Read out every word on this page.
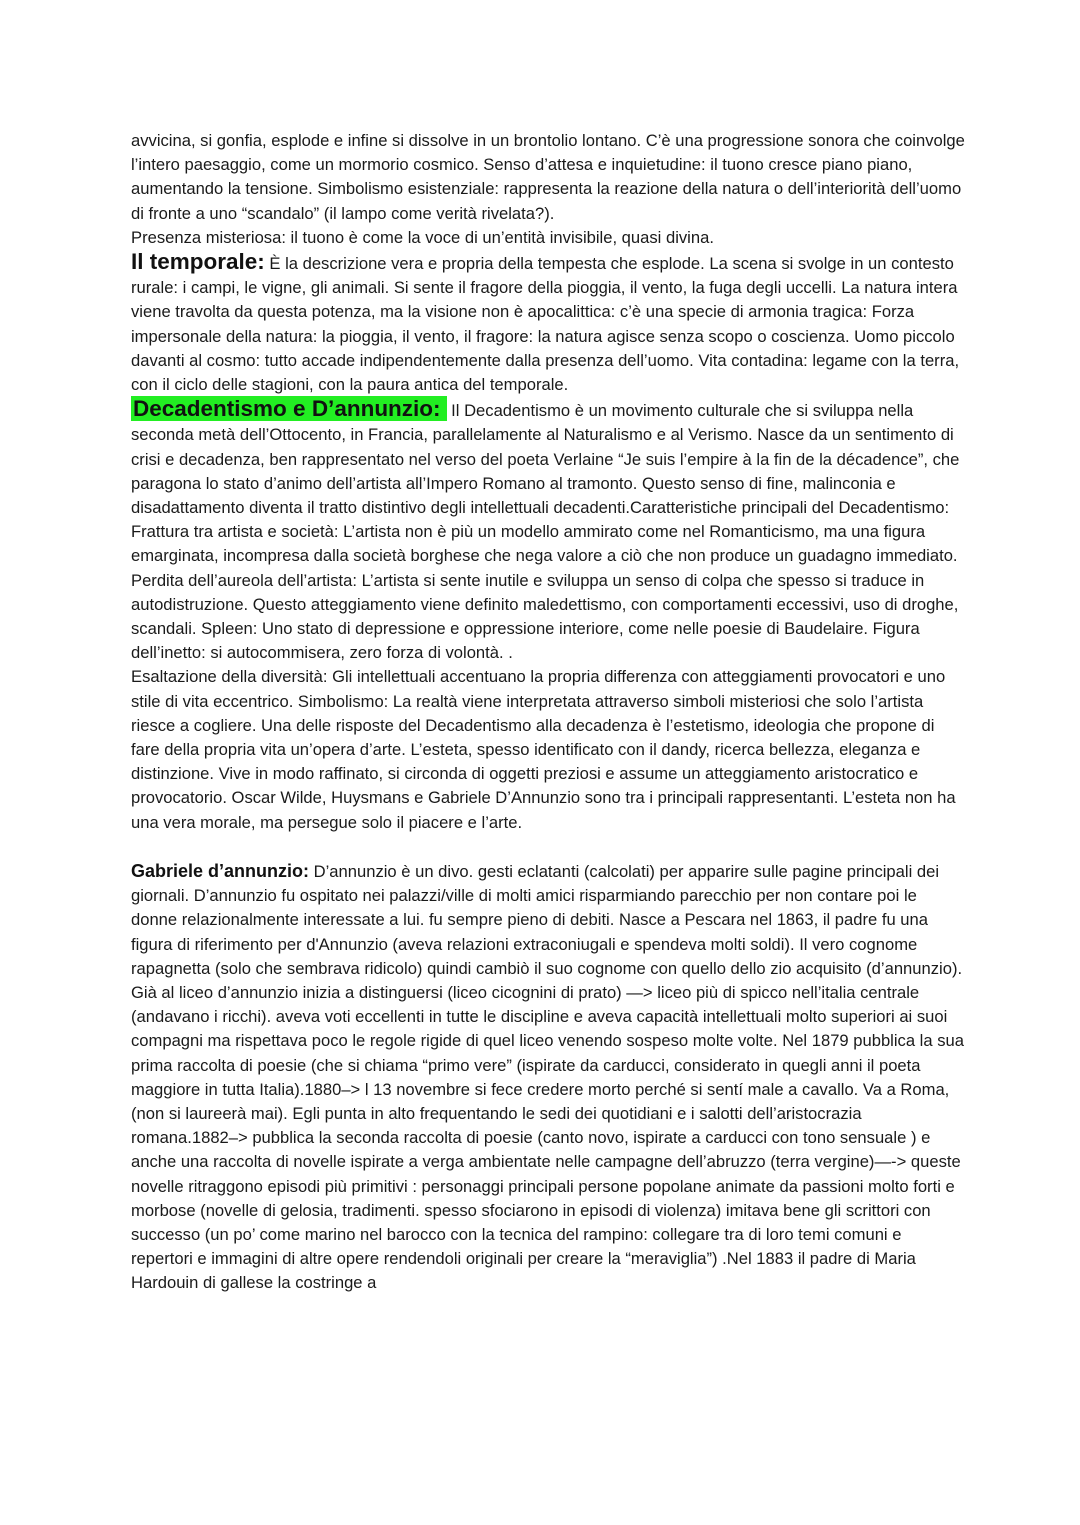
avvicina, si gonfia, esplode e infine si dissolve in un brontolio lontano. C’è una progressione sonora che coinvolge l’intero paesaggio, come un mormorio cosmico. Senso d’attesa e inquietudine: il tuono cresce piano piano, aumentando la tensione. Simbolismo esistenziale: rappresenta la reazione della natura o dell’interiorità dell’uomo di fronte a uno “scandalo” (il lampo come verità rivelata?).
Presenza misteriosa: il tuono è come la voce di un’entità invisibile, quasi divina.

Il temporale: È la descrizione vera e propria della tempesta che esplode. La scena si svolge in un contesto rurale: i campi, le vigne, gli animali. Si sente il fragore della pioggia, il vento, la fuga degli uccelli. La natura intera viene travolta da questa potenza, ma la visione non è apocalittica: c’è una specie di armonia tragica: Forza impersonale della natura: la pioggia, il vento, il fragore: la natura agisce senza scopo o coscienza. Uomo piccolo davanti al cosmo: tutto accade indipendentemente dalla presenza dell’uomo. Vita contadina: legame con la terra, con il ciclo delle stagioni, con la paura antica del temporale.

Decadentismo e D’annunzio: Il Decadentismo è un movimento culturale che si sviluppa nella seconda metà dell’Ottocento, in Francia, parallelamente al Naturalismo e al Verismo. Nasce da un sentimento di crisi e decadenza, ben rappresentato nel verso del poeta Verlaine “Je suis l’empire à la fin de la décadence”, che paragona lo stato d’animo dell’artista all’Impero Romano al tramonto. Questo senso di fine, malinconia e disadattamento diventa il tratto distintivo degli intellettuali decadenti.Caratteristiche principali del Decadentismo: Frattura tra artista e società: L’artista non è più un modello ammirato come nel Romanticismo, ma una figura emarginata, incompresa dalla società borghese che nega valore a ciò che non produce un guadagno immediato. Perdita dell’aureola dell’artista: L’artista si sente inutile e sviluppa un senso di colpa che spesso si traduce in autodistruzione. Questo atteggiamento viene definito maledettismo, con comportamenti eccessivi, uso di droghe, scandali. Spleen: Uno stato di depressione e oppressione interiore, come nelle poesie di Baudelaire. Figura dell’inetto: si autocommisera, zero forza di volontà. .
Esaltazione della diversità: Gli intellettuali accentuano la propria differenza con atteggiamenti provocatori e uno stile di vita eccentrico. Simbolismo: La realtà viene interpretata attraverso simboli misteriosi che solo l’artista riesce a cogliere. Una delle risposte del Decadentismo alla decadenza è l’estetismo, ideologia che propone di fare della propria vita un’opera d’arte. L’esteta, spesso identificato con il dandy, ricerca bellezza, eleganza e distinzione. Vive in modo raffinato, si circonda di oggetti preziosi e assume un atteggiamento aristocratico e provocatorio. Oscar Wilde, Huysmans e Gabriele D’Annunzio sono tra i principali rappresentanti. L’esteta non ha una vera morale, ma persegue solo il piacere e l’arte.

Gabriele d’annunzio: D’annunzio è un divo. gesti eclatanti (calcolati) per apparire sulle pagine principali dei giornali. D’annunzio fu ospitato nei palazzi/ville di molti amici risparmiando parecchio per non contare poi le donne relazionalmente interessate a lui. fu sempre pieno di debiti. Nasce a Pescara nel 1863, il padre fu una figura di riferimento per d'Annunzio (aveva relazioni extraconiugali e spendeva molti soldi). Il vero cognome rapagnetta (solo che sembrava ridicolo) quindi cambiò il suo cognome con quello dello zio acquisito (d’annunzio). Già al liceo d’annunzio inizia a distinguersi (liceo cicognini di prato) —> liceo più di spicco nell’italia centrale (andavano i ricchi). aveva voti eccellenti in tutte le discipline e aveva capacità intellettuali molto superiori ai suoi compagni ma rispettava poco le regole rigide di quel liceo venendo sospeso molte volte. Nel 1879 pubblica la sua prima raccolta di poesie (che si chiama “primo vere” (ispirate da carducci, considerato in quegli anni il poeta maggiore in tutta Italia).1880–> l 13 novembre si fece credere morto perché si sentí male a cavallo. Va a Roma, (non si laureerà mai). Egli punta in alto frequentando le sedi dei quotidiani e i salotti dell’aristocrazia romana.1882–> pubblica la seconda raccolta di poesie (canto novo, ispirate a carducci con tono sensuale ) e anche una raccolta di novelle ispirate a verga ambientate nelle campagne dell’abruzzo (terra vergine)—-> queste novelle ritraggono episodi più primitivi : personaggi principali persone popolane animate da passioni molto forti e morbose (novelle di gelosia, tradimenti. spesso sfociarono in episodi di violenza) imitava bene gli scrittori con successo (un po’ come marino nel barocco con la tecnica del rampino: collegare tra di loro temi comuni e repertori e immagini di altre opere rendendoli originali per creare la “meraviglia”) .Nel 1883 il padre di Maria Hardouin di gallese la costringe a
